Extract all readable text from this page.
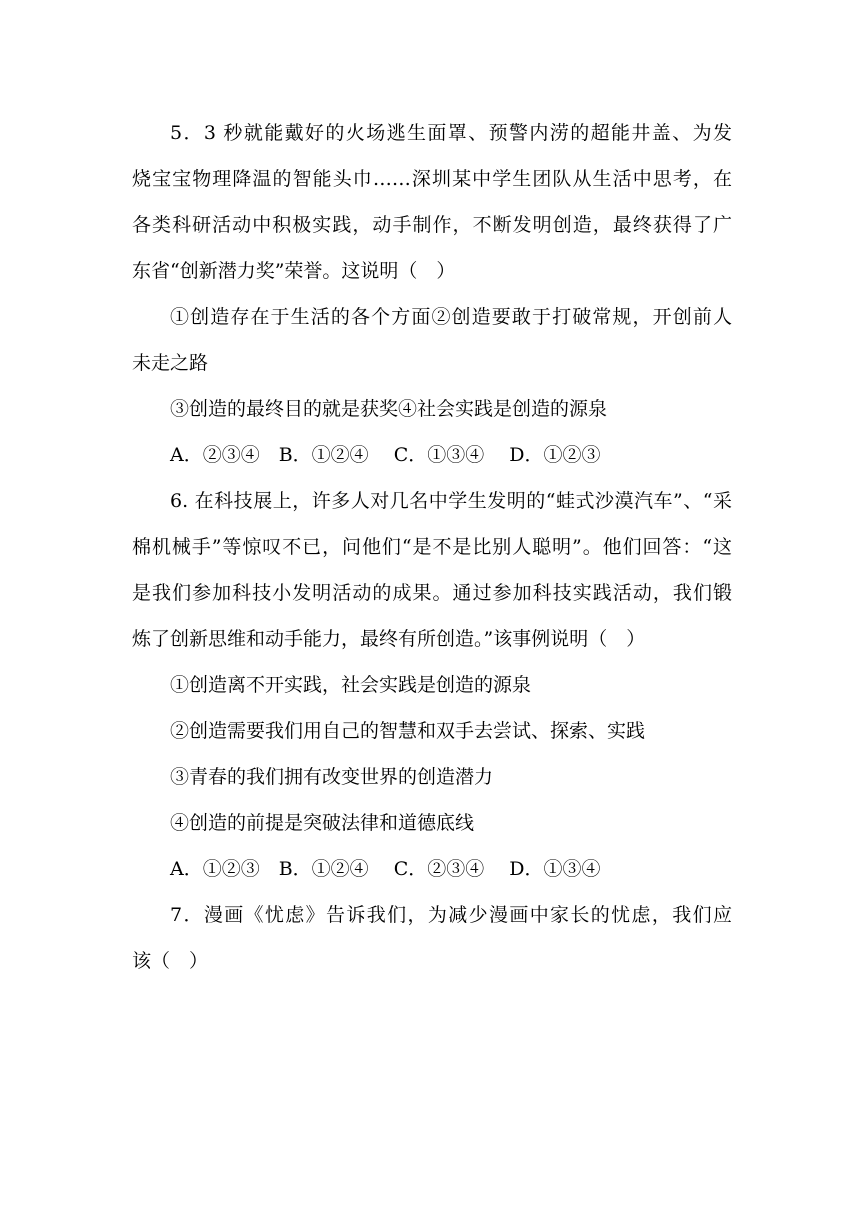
5．3 秒就能戴好的火场逃生面罩、预警内涝的超能井盖、为发
烧宝宝物理降温的智能头巾……深圳某中学生团队从生活中思考，在
各类科研活动中积极实践，动手制作，不断发明创造，最终获得了广
东省“创新潜力奖”荣誉。这说明（　）
①创造存在于生活的各个方面②创造要敢于打破常规，开创前人
未走之路
③创造的最终目的就是获奖④社会实践是创造的源泉
A．②③④　B．①②④　 C．①③④　 D．①②③
6. 在科技展上，许多人对几名中学生发明的“蛙式沙漠汽车”、“采
棉机械手”等惊叹不已，问他们“是不是比别人聪明”。他们回答：“这
是我们参加科技小发明活动的成果。通过参加科技实践活动，我们锻
炼了创新思维和动手能力，最终有所创造。”该事例说明（　）
①创造离不开实践，社会实践是创造的源泉
②创造需要我们用自己的智慧和双手去尝试、探索、实践
③青春的我们拥有改变世界的创造潜力
④创造的前提是突破法律和道德底线
A．①②③　B．①②④　 C．②③④　 D．①③④
7．漫画《忧虑》告诉我们，为减少漫画中家长的忧虑，我们应
该（　）
